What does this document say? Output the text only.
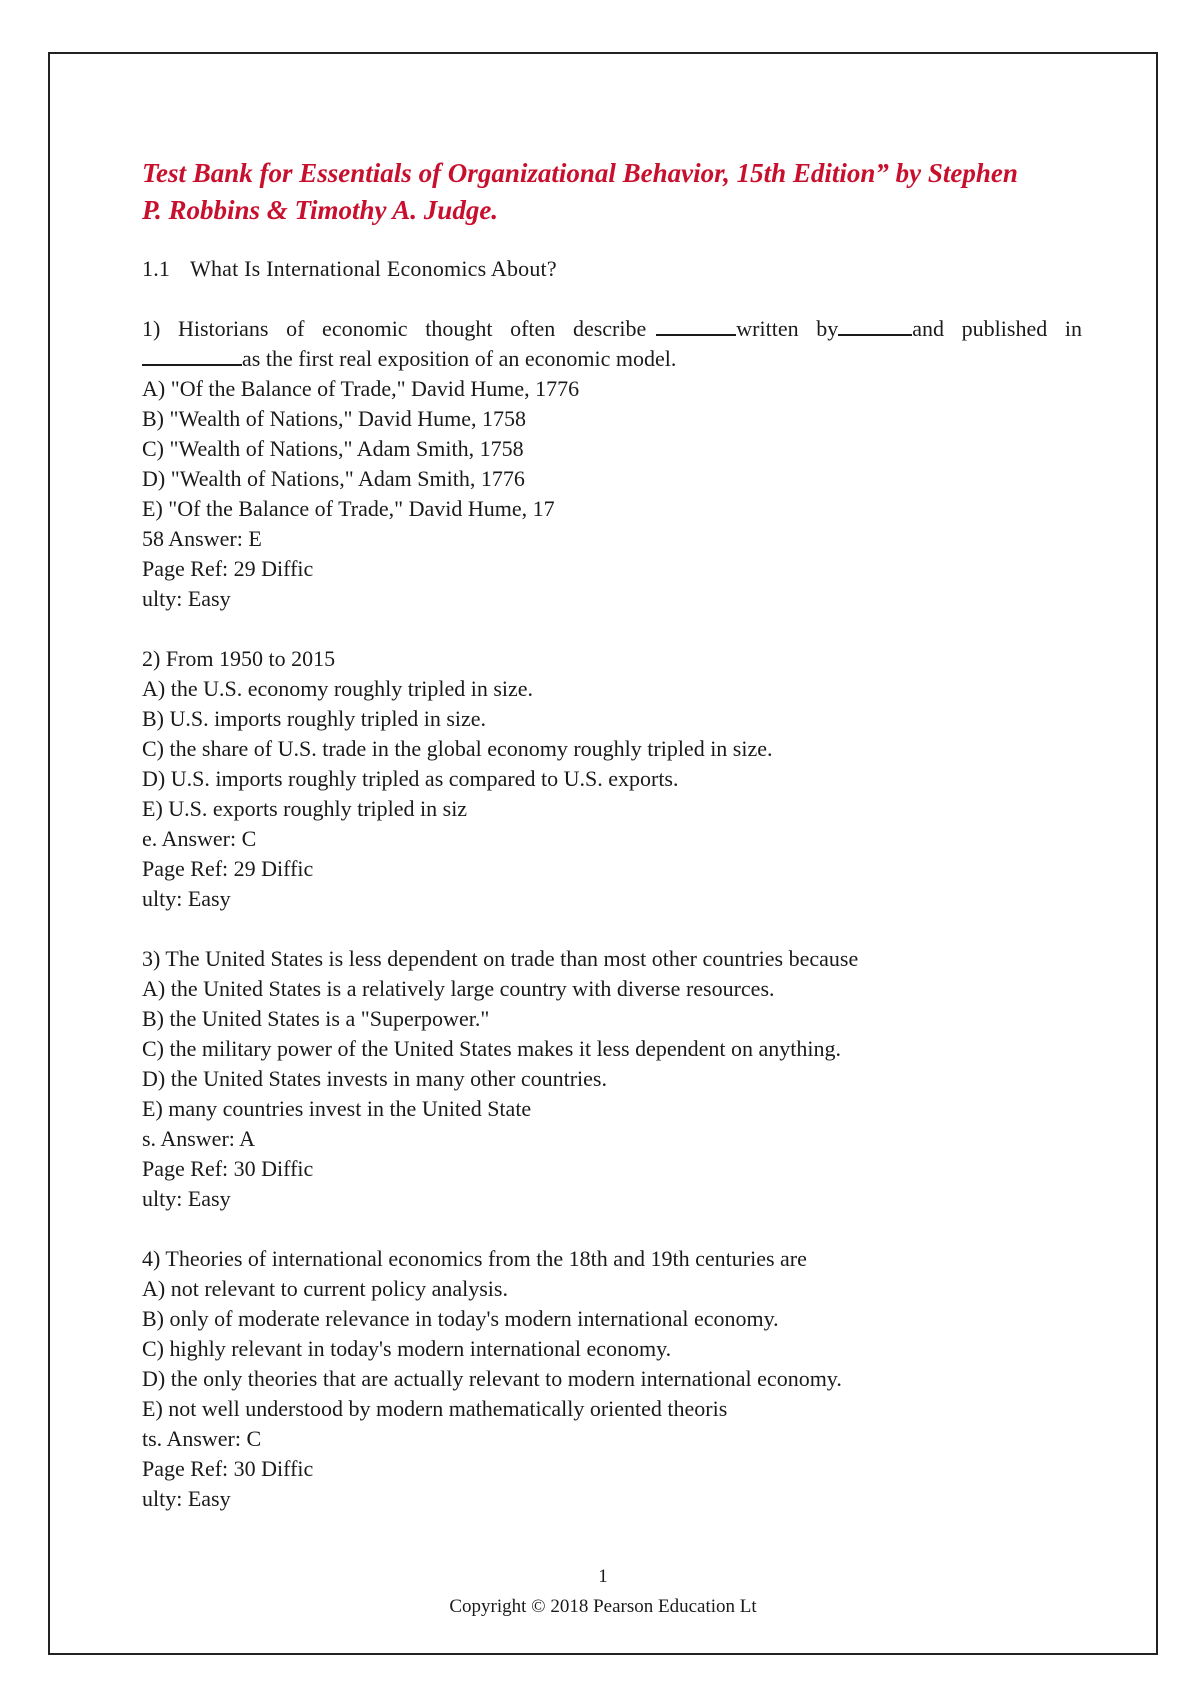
Test Bank for Essentials of Organizational Behavior, 15th Edition” by Stephen
P. Robbins & Timothy A. Judge.
1.1 What Is International Economics About?
1) Historians of economic thought often describe	written by	and published in
as the first real exposition of an economic model.
A) "Of the Balance of Trade," David Hume, 1776
B) "Wealth of Nations," David Hume, 1758
C) "Wealth of Nations," Adam Smith, 1758
D) "Wealth of Nations," Adam Smith, 1776
E) "Of the Balance of Trade," David Hume, 17
58 Answer: E
Page Ref: 29 Diffic
ulty: Easy
2) From 1950 to 2015
A) the U.S. economy roughly tripled in size.
B) U.S. imports roughly tripled in size.
C) the share of U.S. trade in the global economy roughly tripled in size.
D) U.S. imports roughly tripled as compared to U.S. exports.
E) U.S. exports roughly tripled in siz
e. Answer: C
Page Ref: 29 Diffic
ulty: Easy
3) The United States is less dependent on trade than most other countries because
A) the United States is a relatively large country with diverse resources.
B) the United States is a "Superpower."
C) the military power of the United States makes it less dependent on anything.
D) the United States invests in many other countries.
E) many countries invest in the United State
s. Answer: A
Page Ref: 30 Diffic
ulty: Easy
4) Theories of international economics from the 18th and 19th centuries are
A) not relevant to current policy analysis.
B) only of moderate relevance in today's modern international economy.
C) highly relevant in today's modern international economy.
D) the only theories that are actually relevant to modern international economy.
E) not well understood by modern mathematically oriented theoris
ts. Answer: C
Page Ref: 30 Diffic
ulty: Easy
1
Copyright © 2018 Pearson Education Lt
